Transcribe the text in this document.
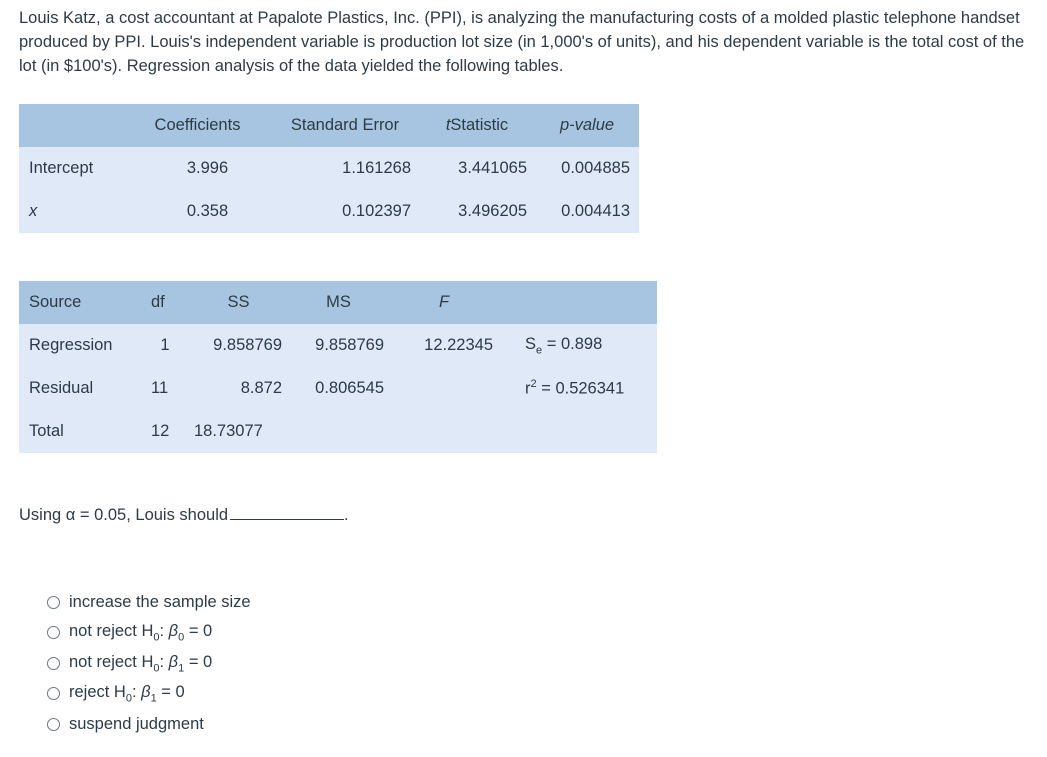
Louis Katz, a cost accountant at Papalote Plastics, Inc. (PPI), is analyzing the manufacturing costs of a molded plastic telephone handset produced by PPI. Louis's independent variable is production lot size (in 1,000's of units), and his dependent variable is the total cost of the lot (in $100's). Regression analysis of the data yielded the following tables.

	Coefficients	Standard Error	tStatistic	p-value
Intercept	3.996	1.161268	3.441065	0.004885
x	0.358	0.102397	3.496205	0.004413
Source	df	SS	MS	F	
Regression	1	9.858769	9.858769	12.22345	$S_e = 0.898$
Residual	11	8.872	0.806545		$r^2 = 0.526341$
Total	12	18.73077			
Using α = 0.05, Louis should	.
increase the sample size
not reject $H_0$: $\beta_0 = 0$
not reject $H_0$: $\beta_1 = 0$
reject $H_0$: $\beta_1 = 0$
suspend judgment
